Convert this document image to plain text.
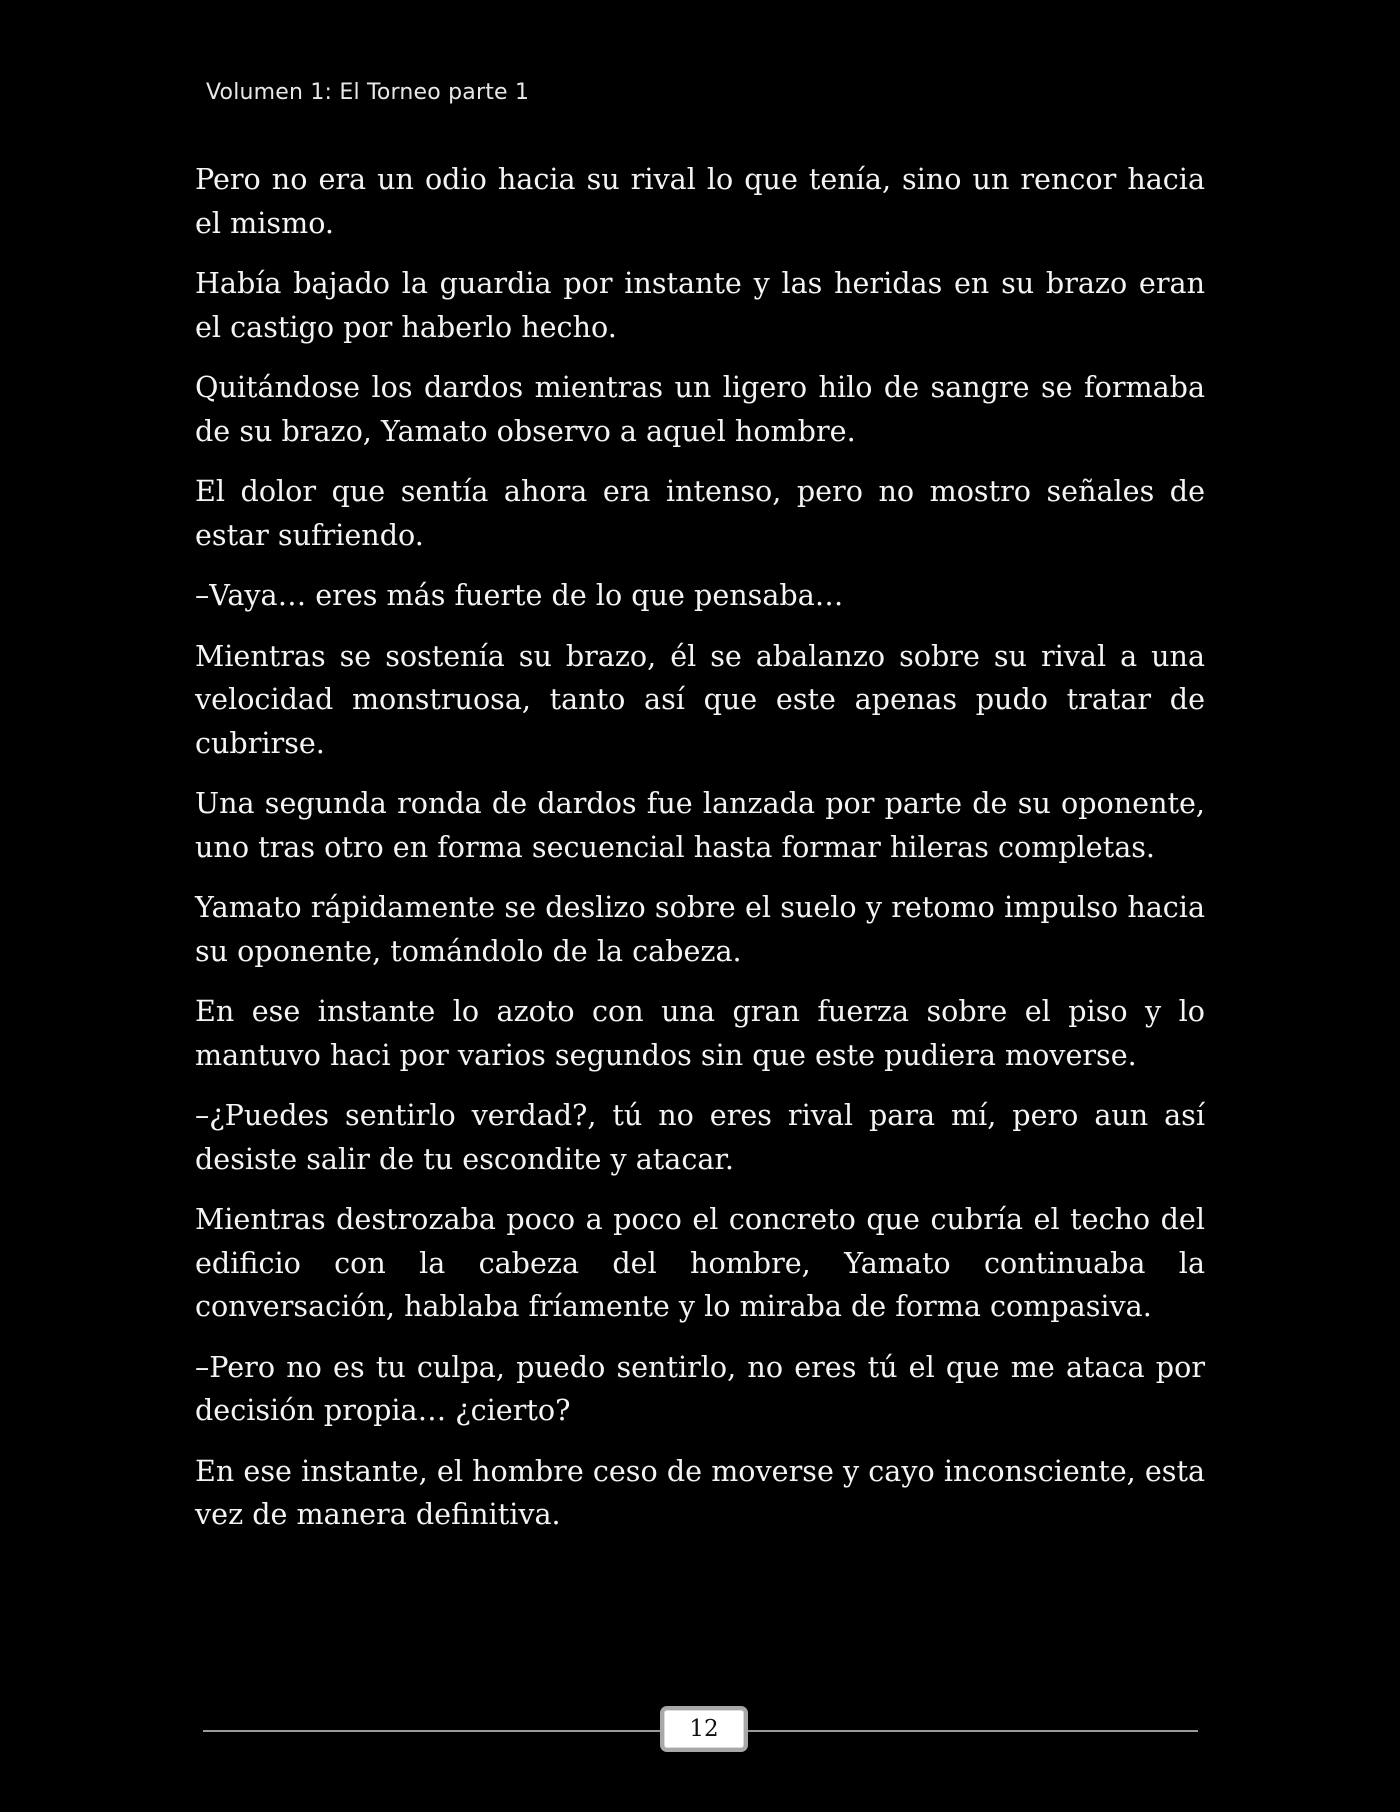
Volumen 1: El Torneo parte 1

Pero no era un odio hacia su rival lo que tenía, sino un rencor hacia el mismo.

Había bajado la guardia por instante y las heridas en su brazo eran el castigo por haberlo hecho.

Quitándose los dardos mientras un ligero hilo de sangre se formaba de su brazo, Yamato observo a aquel hombre.

El dolor que sentía ahora era intenso, pero no mostro señales de estar sufriendo.

–Vaya… eres más fuerte de lo que pensaba…

Mientras se sostenía su brazo, él se abalanzo sobre su rival a una velocidad monstruosa, tanto así que este apenas pudo tratar de cubrirse.

Una segunda ronda de dardos fue lanzada por parte de su oponente, uno tras otro en forma secuencial hasta formar hileras completas.

Yamato rápidamente se deslizo sobre el suelo y retomo impulso hacia su oponente, tomándolo de la cabeza.

En ese instante lo azoto con una gran fuerza sobre el piso y lo mantuvo haci por varios segundos sin que este pudiera moverse.

–¿Puedes sentirlo verdad?, tú no eres rival para mí, pero aun así desiste salir de tu escondite y atacar.

Mientras destrozaba poco a poco el concreto que cubría el techo del edificio con la cabeza del hombre, Yamato continuaba la conversación, hablaba fríamente y lo miraba de forma compasiva.

–Pero no es tu culpa, puedo sentirlo, no eres tú el que me ataca por decisión propia… ¿cierto?

En ese instante, el hombre ceso de moverse y cayo inconsciente, esta vez de manera definitiva.

12
